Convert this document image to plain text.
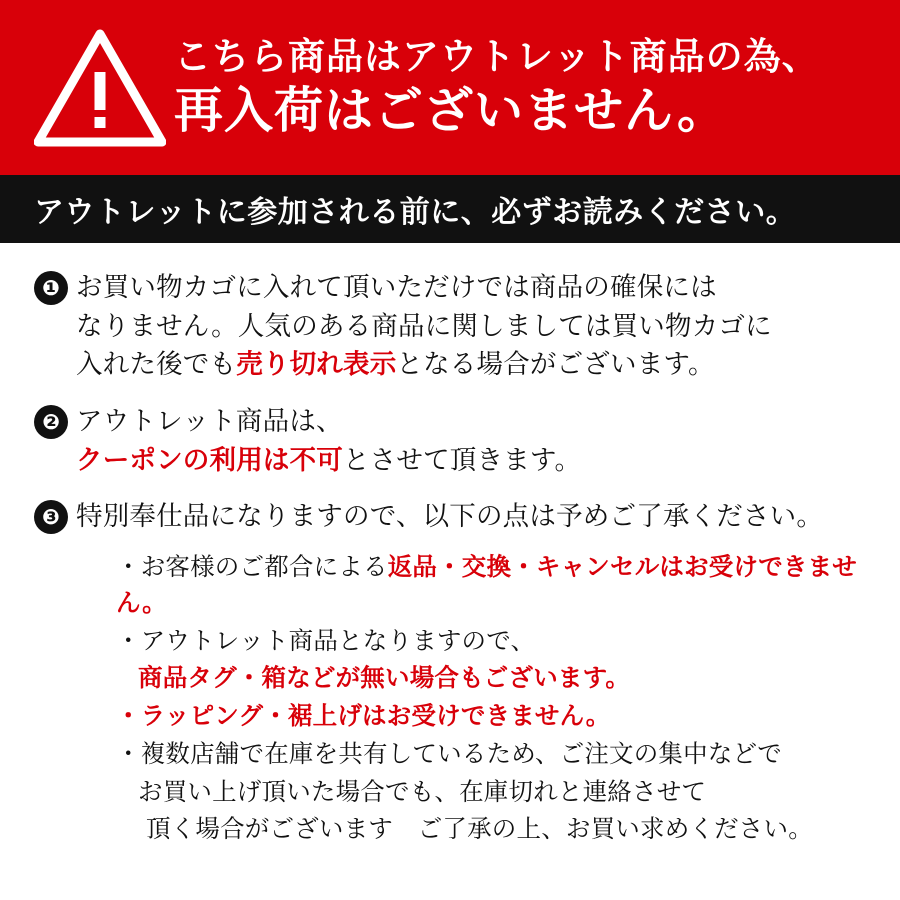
こちら商品はアウトレット商品の為、
再入荷はございません。
アウトレットに参加される前に、必ずお読みください。
❶ お買い物カゴに入れて頂いただけでは商品の確保には
なりません。人気のある商品に関しましては買い物カゴに
入れた後でも売り切れ表示となる場合がございます。
❷ アウトレット商品は、
クーポンの利用は不可とさせて頂きます。
❸ 特別奉仕品になりますので、以下の点は予めご了承ください。
・お客様のご都合による返品・交換・キャンセルはお受けできません。
・アウトレット商品となりますので、
商品タグ・箱などが無い場合もございます。
・ラッピング・裾上げはお受けできません。
・複数店舗で在庫を共有しているため、ご注文の集中などで
お買い上げ頂いた場合でも、在庫切れと連絡させて
頂く場合がございます　ご了承の上、お買い求めください。
